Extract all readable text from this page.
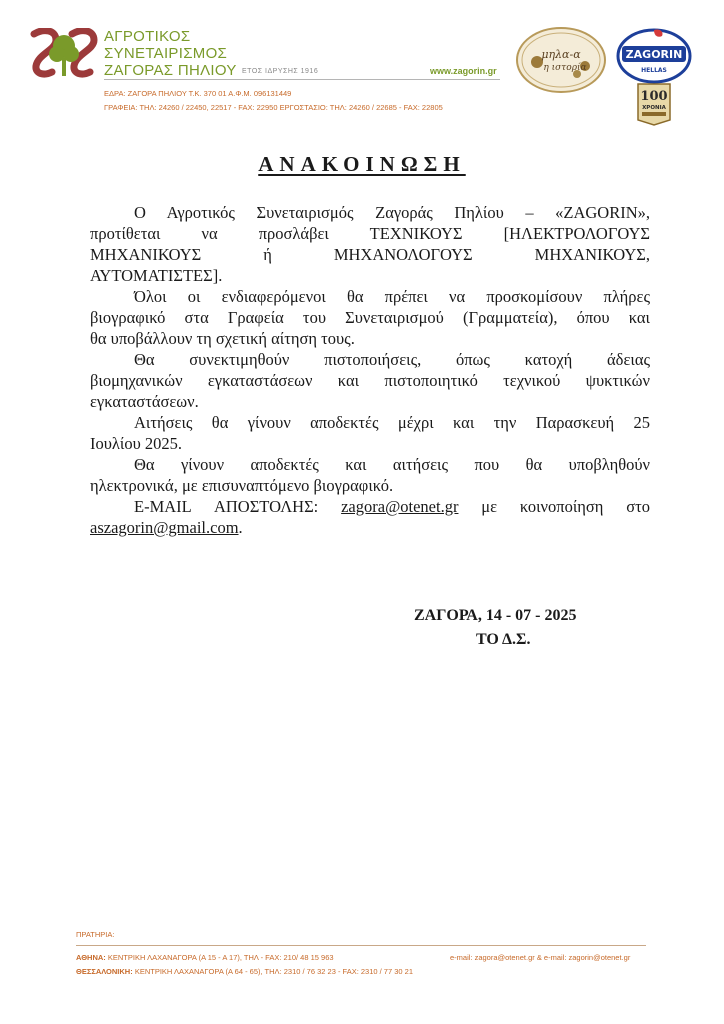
ΑΓΡΟΤΙΚΟΣ
ΣΥΝΕΤΑΙΡΙΣΜΟΣ
ΖΑΓΟΡΑΣ ΠΗΛΙΟΥ ΕΤΟΣ ΙΔΡΥΣΗΣ 1916	www.zagorin.gr
ΕΔΡΑ: ΖΑΓΟΡΑ ΠΗΛΙΟΥ Τ.Κ. 370 01 Α.Φ.Μ. 096131449
ΓΡΑΦΕΙΑ: ΤΗΛ: 24260 / 22450, 22517 - FAX: 22950 ΕΡΓΟΣΤΑΣΙΟ: ΤΗΛ: 24260 / 22685 - FAX: 22805
μηλα-α
η ιστορία
ZAGORIN
HELLAS
100
ΧΡΟΝΙΑ
ΑΝΑΚΟΙΝΩΣΗ

Ο Αγροτικός Συνεταιρισμός Ζαγοράς Πηλίου – «ZAGORIN»,
προτίθεται να προσλάβει ΤΕΧΝΙΚΟΥΣ [ΗΛΕΚΤΡΟΛΟΓΟΥΣ
ΜΗΧΑΝΙΚΟΥΣ ή ΜΗΧΑΝΟΛΟΓΟΥΣ ΜΗΧΑΝΙΚΟΥΣ,
ΑΥΤΟΜΑΤΙΣΤΕΣ].

Όλοι οι ενδιαφερόμενοι θα πρέπει να προσκομίσουν πλήρες
βιογραφικό στα Γραφεία του Συνεταιρισμού (Γραμματεία), όπου και
θα υποβάλλουν τη σχετική αίτηση τους.

Θα συνεκτιμηθούν πιστοποιήσεις, όπως κατοχή άδειας
βιομηχανικών εγκαταστάσεων και πιστοποιητικό τεχνικού ψυκτικών
εγκαταστάσεων.

Αιτήσεις θα γίνουν αποδεκτές μέχρι και την Παρασκευή 25
Ιουλίου 2025.

Θα γίνουν αποδεκτές και αιτήσεις που θα υποβληθούν
ηλεκτρονικά, με επισυναπτόμενο βιογραφικό.

E-MAIL ΑΠΟΣΤΟΛΗΣ: zagora@otenet.gr με κοινοποίηση στο
aszagorin@gmail.com.

ΖΑΓΟΡΑ, 14 - 07 - 2025
ΤΟ Δ.Σ.
ΠΡΑΤΗΡΙΑ:
ΑΘΗΝΑ: ΚΕΝΤΡΙΚΗ ΛΑΧΑΝΑΓΟΡΑ (Α 15 - Α 17), ΤΗΛ - FAX: 210/ 48 15 963	e-mail: zagora@otenet.gr & e-mail: zagorin@otenet.gr
ΘΕΣΣΑΛΟΝΙΚΗ: ΚΕΝΤΡΙΚΗ ΛΑΧΑΝΑΓΟΡΑ (Α 64 - 65), ΤΗΛ: 2310 / 76 32 23 - FAX: 2310 / 77 30 21
